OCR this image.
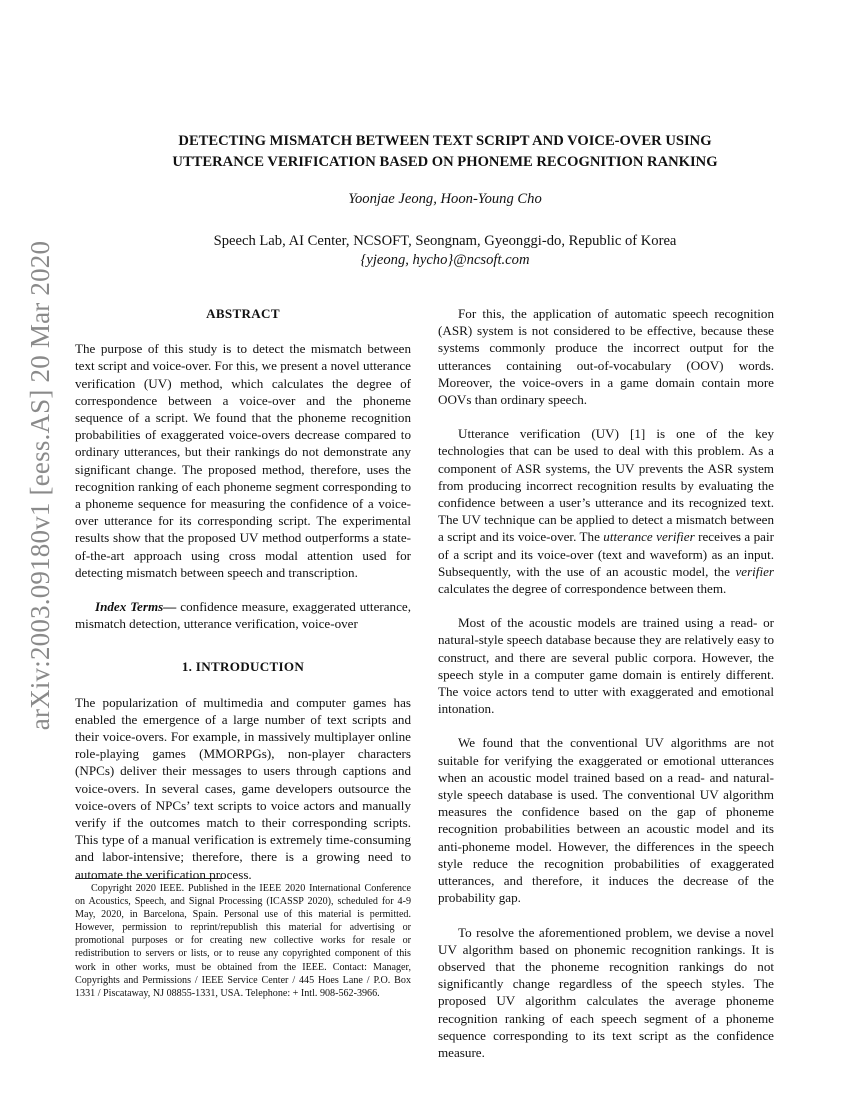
arXiv:2003.09180v1 [eess.AS] 20 Mar 2020
DETECTING MISMATCH BETWEEN TEXT SCRIPT AND VOICE-OVER USING
UTTERANCE VERIFICATION BASED ON PHONEME RECOGNITION RANKING
Yoonjae Jeong, Hoon-Young Cho
Speech Lab, AI Center, NCSOFT, Seongnam, Gyeonggi-do, Republic of Korea
{yjeong, hycho}@ncsoft.com
ABSTRACT

The purpose of this study is to detect the mismatch between text script and voice-over. For this, we present a novel utterance verification (UV) method, which calculates the degree of correspondence between a voice-over and the phoneme sequence of a script. We found that the phoneme recognition probabilities of exaggerated voice-overs decrease compared to ordinary utterances, but their rankings do not demonstrate any significant change. The proposed method, therefore, uses the recognition ranking of each phoneme segment corresponding to a phoneme sequence for measuring the confidence of a voice-over utterance for its corresponding script. The experimental results show that the proposed UV method outperforms a state-of-the-art approach using cross modal attention used for detecting mismatch between speech and transcription.

Index Terms— confidence measure, exaggerated utterance, mismatch detection, utterance verification, voice-over

1. INTRODUCTION

The popularization of multimedia and computer games has enabled the emergence of a large number of text scripts and their voice-overs. For example, in massively multiplayer online role-playing games (MMORPGs), non-player characters (NPCs) deliver their messages to users through captions and voice-overs. In several cases, game developers outsource the voice-overs of NPCs’ text scripts to voice actors and manually verify if the outcomes match to their corresponding scripts. This type of a manual verification is extremely time-consuming and labor-intensive; therefore, there is a growing need to automate the verification process.

Copyright 2020 IEEE. Published in the IEEE 2020 International Conference on Acoustics, Speech, and Signal Processing (ICASSP 2020), scheduled for 4-9 May, 2020, in Barcelona, Spain. Personal use of this material is permitted. However, permission to reprint/republish this material for advertising or promotional purposes or for creating new collective works for resale or redistribution to servers or lists, or to reuse any copyrighted component of this work in other works, must be obtained from the IEEE. Contact: Manager, Copyrights and Permissions / IEEE Service Center / 445 Hoes Lane / P.O. Box 1331 / Piscataway, NJ 08855-1331, USA. Telephone: + Intl. 908-562-3966.

For this, the application of automatic speech recognition (ASR) system is not considered to be effective, because these systems commonly produce the incorrect output for the utterances containing out-of-vocabulary (OOV) words. Moreover, the voice-overs in a game domain contain more OOVs than ordinary speech.

Utterance verification (UV) [1] is one of the key technologies that can be used to deal with this problem. As a component of ASR systems, the UV prevents the ASR system from producing incorrect recognition results by evaluating the confidence between a user’s utterance and its recognized text. The UV technique can be applied to detect a mismatch between a script and its voice-over. The utterance verifier receives a pair of a script and its voice-over (text and waveform) as an input. Subsequently, with the use of an acoustic model, the verifier calculates the degree of correspondence between them.

Most of the acoustic models are trained using a read- or natural-style speech database because they are relatively easy to construct, and there are several public corpora. However, the speech style in a computer game domain is entirely different. The voice actors tend to utter with exaggerated and emotional intonation.

We found that the conventional UV algorithms are not suitable for verifying the exaggerated or emotional utterances when an acoustic model trained based on a read- and natural-style speech database is used. The conventional UV algorithm measures the confidence based on the gap of phoneme recognition probabilities between an acoustic model and its anti-phoneme model. However, the differences in the speech style reduce the recognition probabilities of exaggerated utterances, and therefore, it induces the decrease of the probability gap.

To resolve the aforementioned problem, we devise a novel UV algorithm based on phonemic recognition rankings. It is observed that the phoneme recognition rankings do not significantly change regardless of the speech styles. The proposed UV algorithm calculates the average phoneme recognition ranking of each speech segment of a phoneme sequence corresponding to its text script as the confidence measure.
